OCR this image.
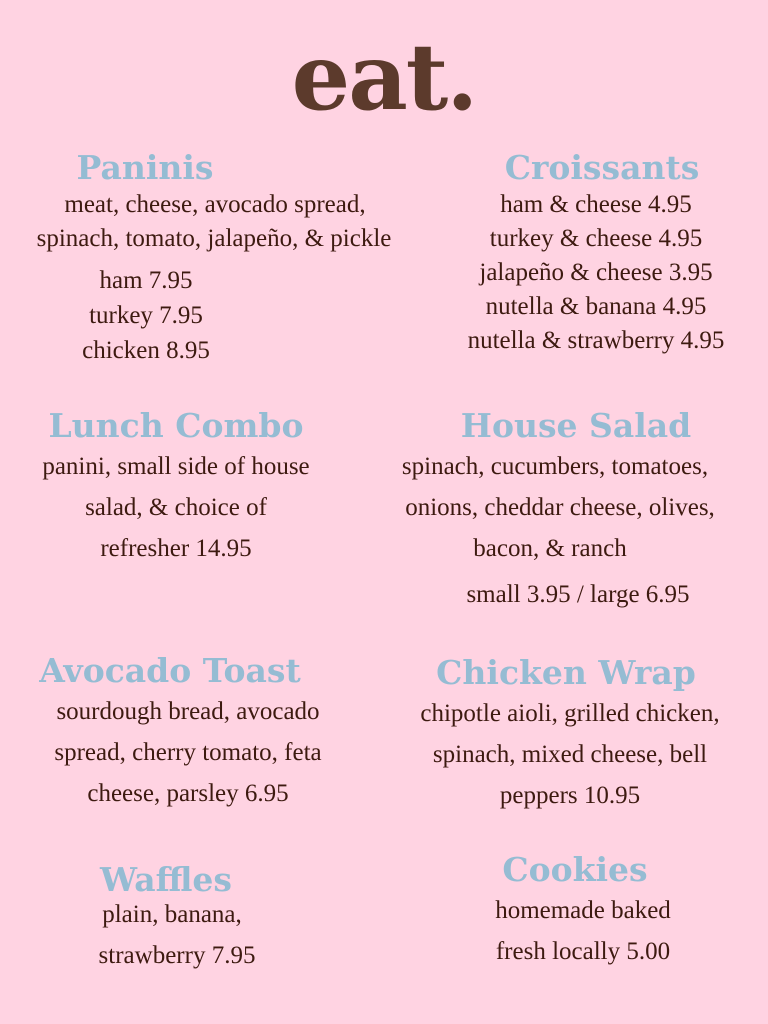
eat.
Paninis
meat, cheese, avocado spread,
spinach, tomato, jalapeño, & pickle
ham 7.95
turkey 7.95
chicken 8.95
Croissants
ham & cheese 4.95
turkey & cheese 4.95
jalapeño & cheese 3.95
nutella & banana 4.95
nutella & strawberry 4.95
Lunch Combo
panini, small side of house
salad, & choice of
refresher 14.95
House Salad
spinach, cucumbers, tomatoes,
onions, cheddar cheese, olives,
bacon, & ranch
small 3.95 / large 6.95
Avocado Toast
sourdough bread, avocado
spread, cherry tomato, feta
cheese, parsley 6.95
Chicken Wrap
chipotle aioli, grilled chicken,
spinach, mixed cheese, bell
peppers 10.95
Waffles
plain, banana,
strawberry 7.95
Cookies
homemade baked
fresh locally 5.00
